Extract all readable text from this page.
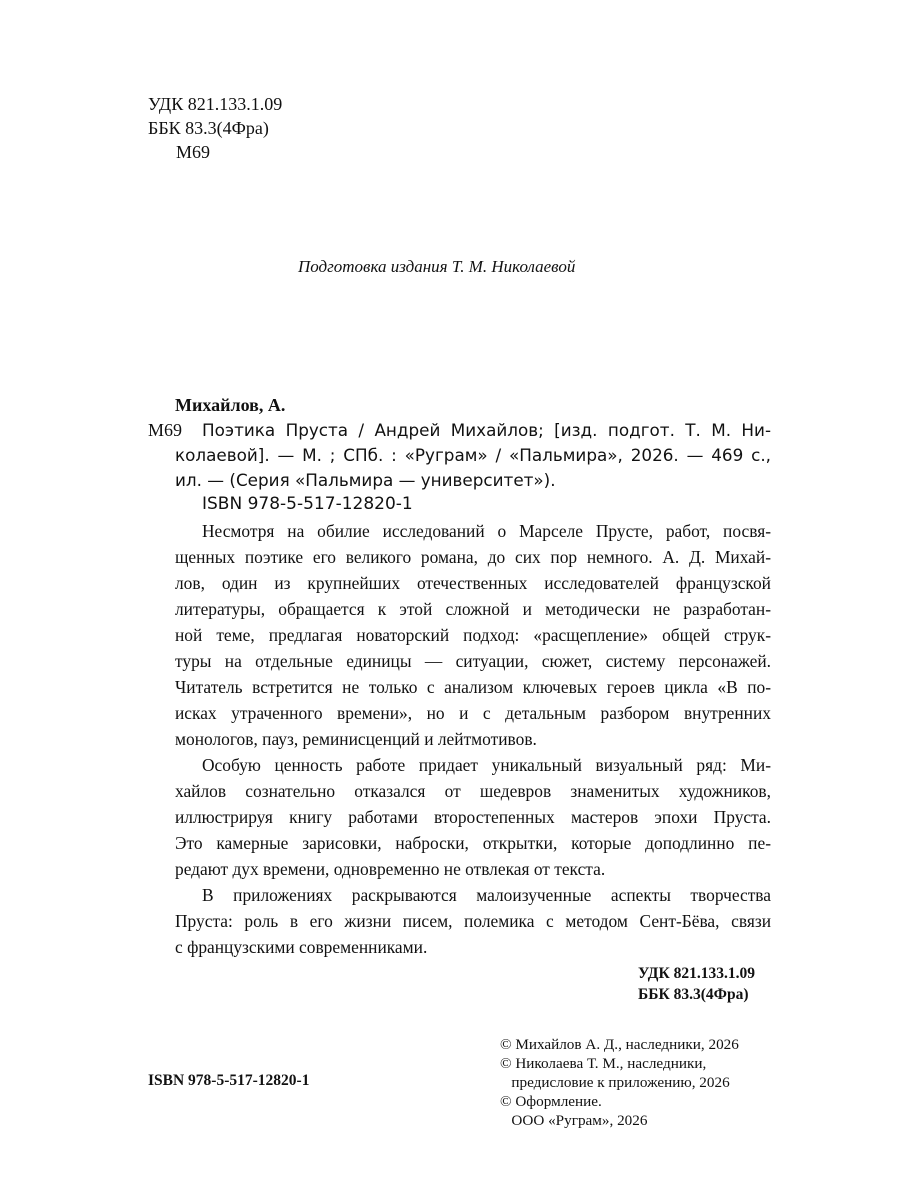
УДК 821.133.1.09
ББК 83.3(4Фра)
М69
Подготовка издания Т. М. Николаевой
Михайлов, А.
М69 Поэтика Пруста / Андрей Михайлов; [изд. подгот. Т. М. Ни-
колаевой]. — М. ; СПб. : «Руграм» / «Пальмира», 2026. — 469 с.,
ил. — (Серия «Пальмира — университет»).
ISBN 978-5-517-12820-1
Несмотря на обилие исследований о Марселе Прусте, работ, посвя-
щенных поэтике его великого романа, до сих пор немного. А. Д. Михай-
лов, один из крупнейших отечественных исследователей французской
литературы, обращается к этой сложной и методически не разработан-
ной теме, предлагая новаторский подход: «расщепление» общей струк-
туры на отдельные единицы — ситуации, сюжет, систему персонажей.
Читатель встретится не только с анализом ключевых героев цикла «В по-
исках утраченного времени», но и с детальным разбором внутренних
монологов, пауз, реминисценций и лейтмотивов.
Особую ценность работе придает уникальный визуальный ряд: Ми-
хайлов сознательно отказался от шедевров знаменитых художников,
иллюстрируя книгу работами второстепенных мастеров эпохи Пруста.
Это камерные зарисовки, наброски, открытки, которые доподлинно пе-
редают дух времени, одновременно не отвлекая от текста.
В приложениях раскрываются малоизученные аспекты творчества
Пруста: роль в его жизни писем, полемика с методом Сент-Бёва, связи
с французскими современниками.
УДК 821.133.1.09
ББК 83.3(4Фра)
© Михайлов А. Д., наследники, 2026
© Николаева Т. М., наследники,
предисловие к приложению, 2026
© Оформление.
ООО «Руграм», 2026
ISBN 978-5-517-12820-1
